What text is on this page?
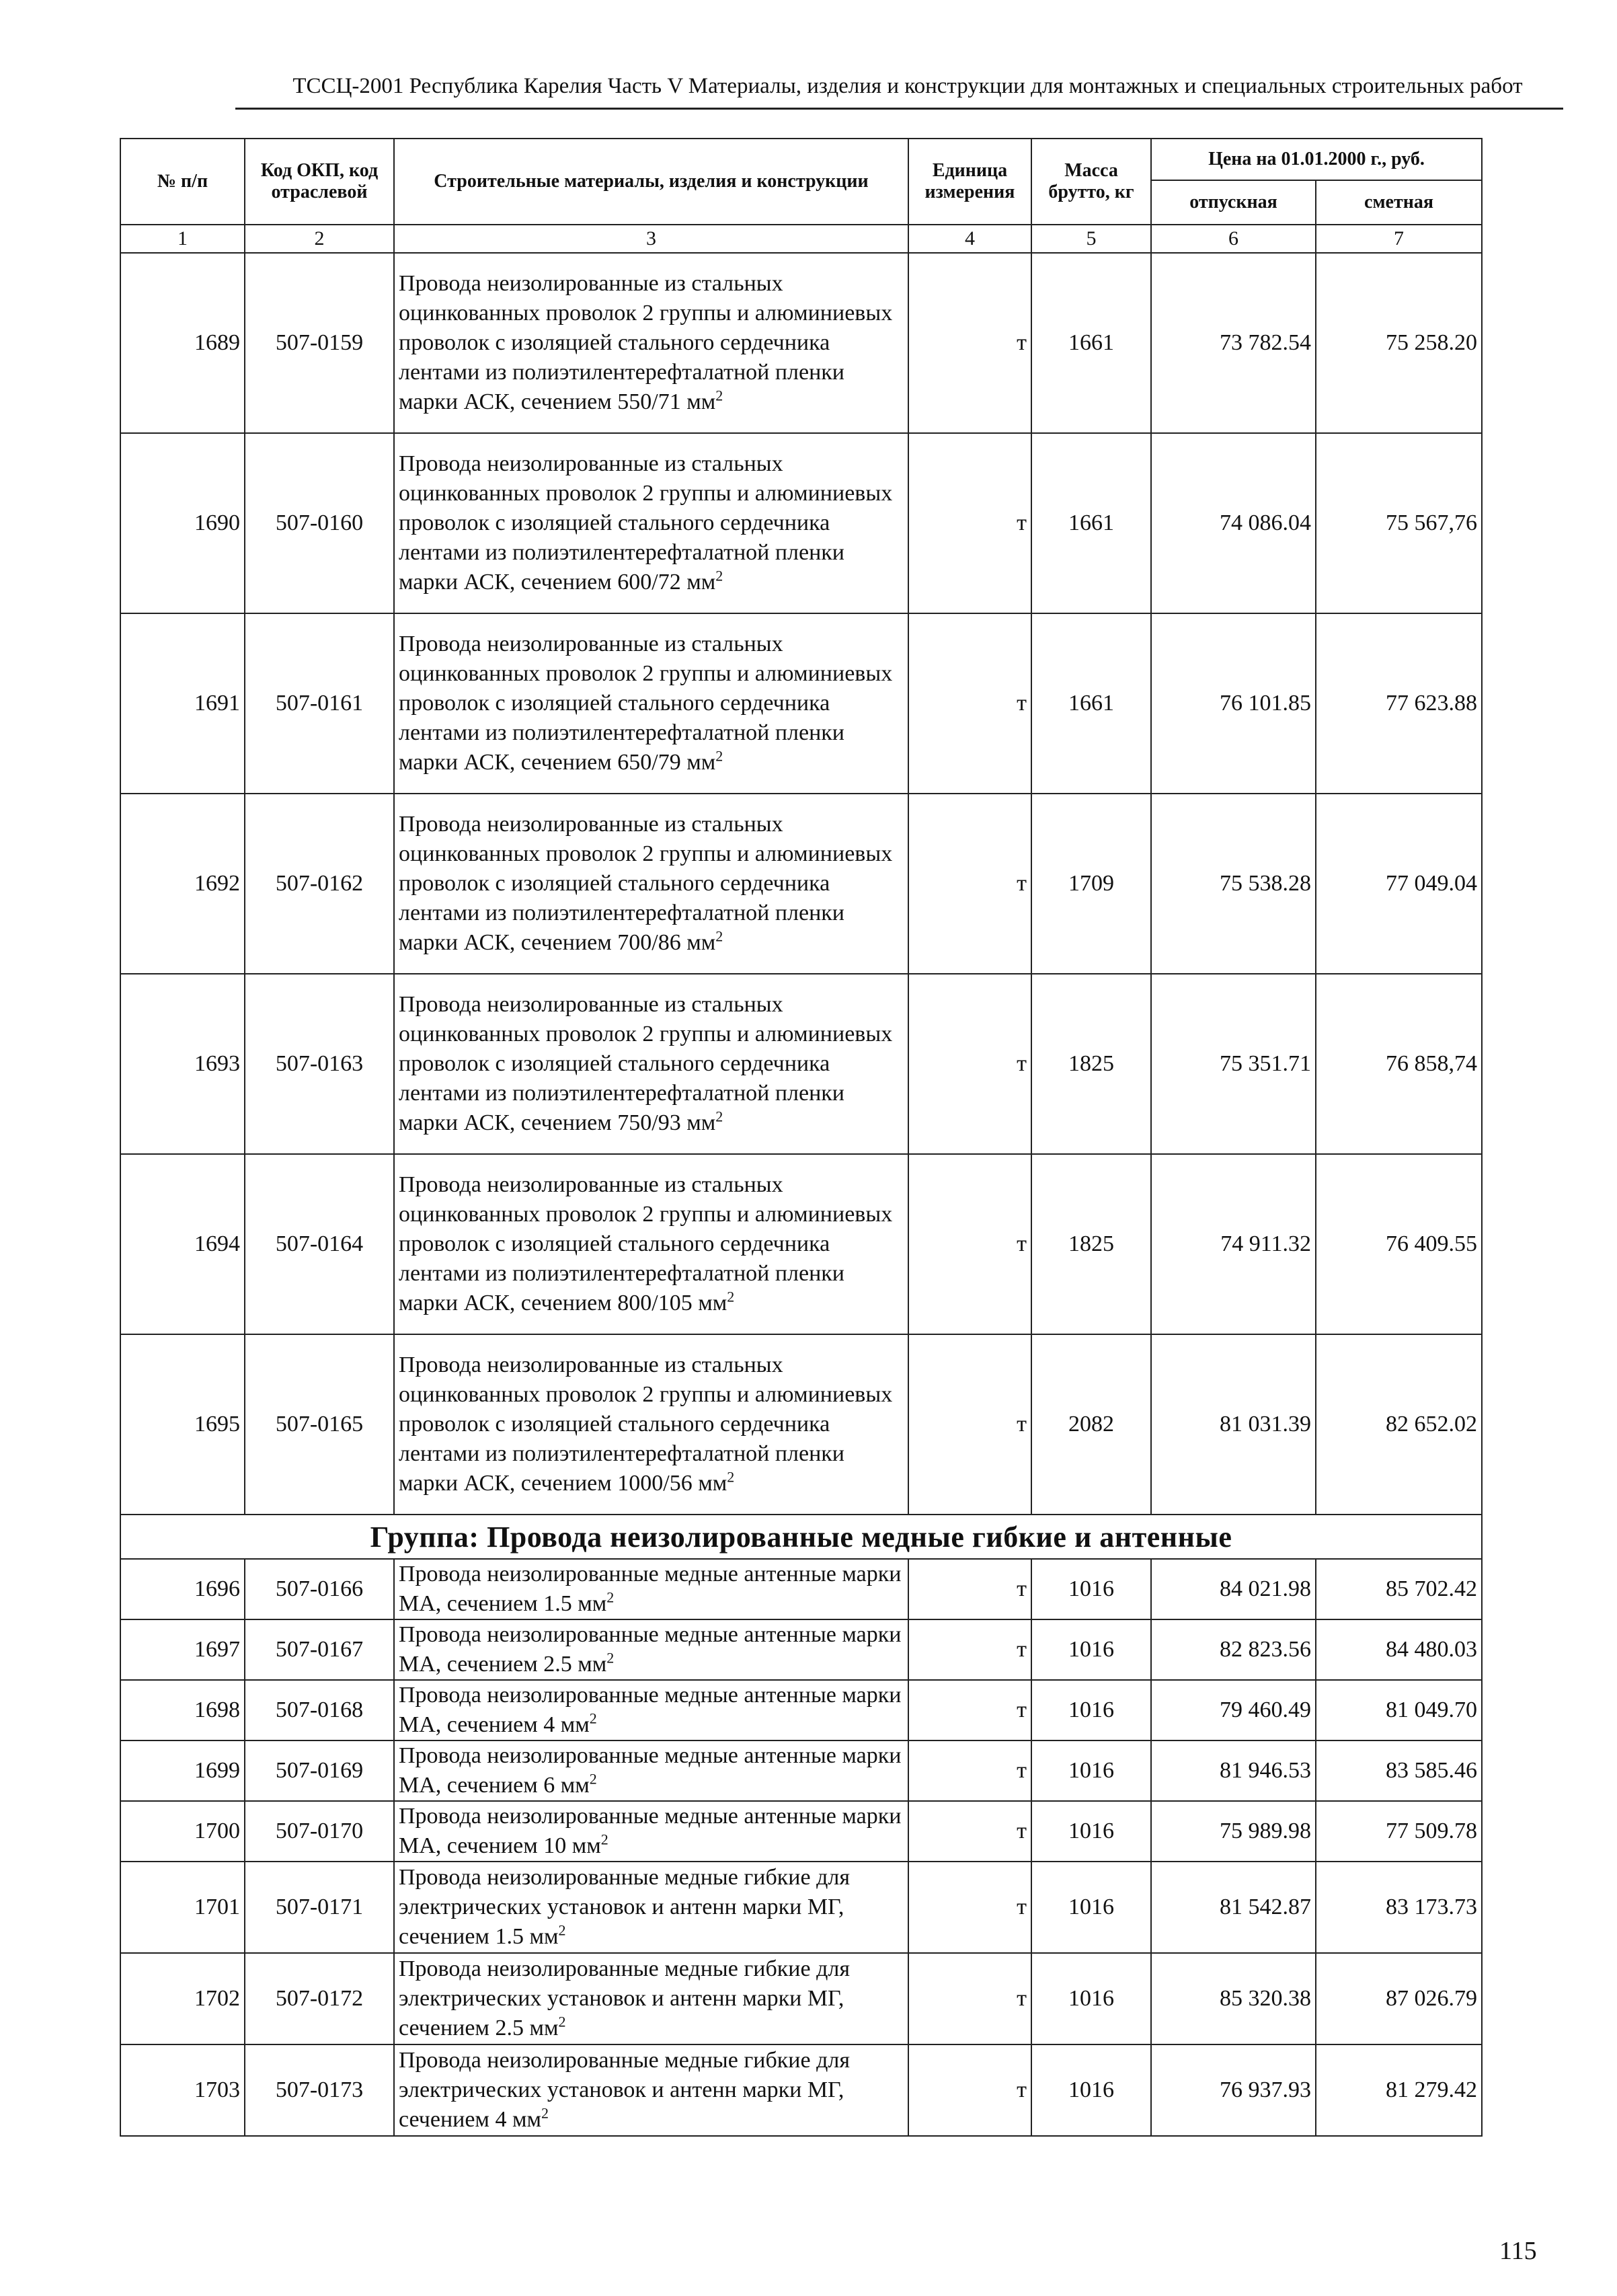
ТССЦ-2001 Республика Карелия Часть V Материалы, изделия и конструкции для монтажных и специальных строительных работ
№ п/п	Код ОКП, код отраслевой	Строительные материалы, изделия и конструкции	Единица измерения	Масса брутто, кг	Цена на 01.01.2000 г., руб.	
					отпускная	сметная
1	2	3	4	5	6	7
1689	507-0159	Провода неизолированные из стальных оцинкованных проволок 2 группы и алюминиевых проволок с изоляцией стального сердечника лентами из полиэтилентерефталатной пленки марки АСК, сечением 550/71 $мм^2$	т	1661	73 782.54	75 258.20
1690	507-0160	Провода неизолированные из стальных оцинкованных проволок 2 группы и алюминиевых проволок с изоляцией стального сердечника лентами из полиэтилентерефталатной пленки марки АСК, сечением 600/72 $мм^2$	т	1661	74 086.04	75 567,76
1691	507-0161	Провода неизолированные из стальных оцинкованных проволок 2 группы и алюминиевых проволок с изоляцией стального сердечника лентами из полиэтилентерефталатной пленки марки АСК, сечением 650/79 $мм^2$	т	1661	76 101.85	77 623.88
1692	507-0162	Провода неизолированные из стальных оцинкованных проволок 2 группы и алюминиевых проволок с изоляцией стального сердечника лентами из полиэтилентерефталатной пленки марки АСК, сечением 700/86 $мм^2$	т	1709	75 538.28	77 049.04
1693	507-0163	Провода неизолированные из стальных оцинкованных проволок 2 группы и алюминиевых проволок с изоляцией стального сердечника лентами из полиэтилентерефталатной пленки марки АСК, сечением 750/93 $мм^2$	т	1825	75 351.71	76 858,74
1694	507-0164	Провода неизолированные из стальных оцинкованных проволок 2 группы и алюминиевых проволок с изоляцией стального сердечника лентами из полиэтилентерефталатной пленки марки АСК, сечением 800/105 $мм^2$	т	1825	74 911.32	76 409.55
1695	507-0165	Провода неизолированные из стальных оцинкованных проволок 2 группы и алюминиевых проволок с изоляцией стального сердечника лентами из полиэтилентерефталатной пленки марки АСК, сечением 1000/56 $мм^2$	т	2082	81 031.39	82 652.02
Группа: Провода неизолированные медные гибкие и антенные						
1696	507-0166	Провода неизолированные медные антенные марки МА, сечением 1.5 $мм^2$	т	1016	84 021.98	85 702.42
1697	507-0167	Провода неизолированные медные антенные марки МА, сечением 2.5 $мм^2$	т	1016	82 823.56	84 480.03
1698	507-0168	Провода неизолированные медные антенные марки МА, сечением 4 $мм^2$	т	1016	79 460.49	81 049.70
1699	507-0169	Провода неизолированные медные антенные марки МА, сечением 6 $мм^2$	т	1016	81 946.53	83 585.46
1700	507-0170	Провода неизолированные медные антенные марки МА, сечением 10 $мм^2$	т	1016	75 989.98	77 509.78
1701	507-0171	Провода неизолированные медные гибкие для электрических установок и антенн марки МГ, сечением 1.5 $мм^2$	т	1016	81 542.87	83 173.73
1702	507-0172	Провода неизолированные медные гибкие для электрических установок и антенн марки МГ, сечением 2.5 $мм^2$	т	1016	85 320.38	87 026.79
1703	507-0173	Провода неизолированные медные гибкие для электрических установок и антенн марки МГ, сечением 4 $мм^2$	т	1016	76 937.93	81 279.42
115
